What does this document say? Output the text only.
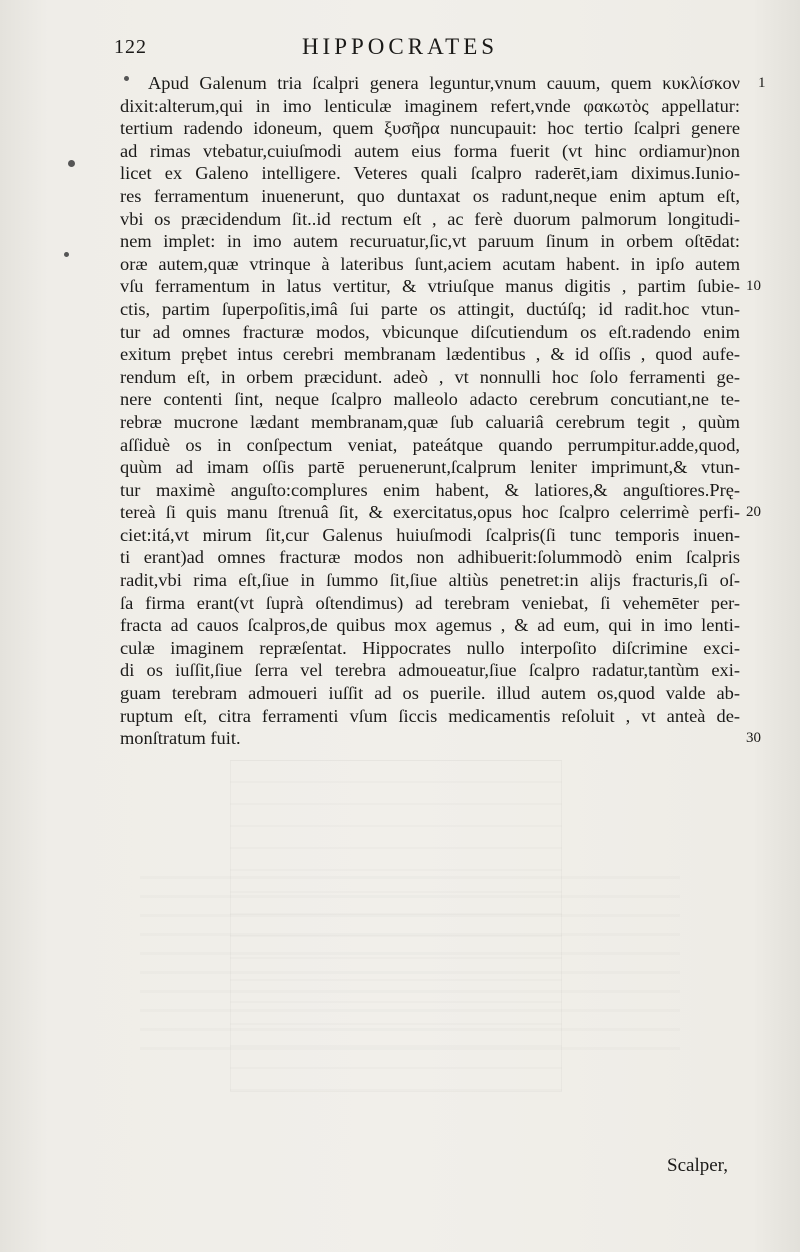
122	HIPPOCRATES
Apud Galenum tria ſcalpri genera leguntur,vnum cauum, quem κυκλίσκον
dixit:alterum,qui in imo lenticulæ imaginem refert,vnde φακωτὸς appellatur:
tertium radendo idoneum, quem ξυσῆρα nuncupauit: hoc tertio ſcalpri genere
ad rimas vtebatur,cuiuſmodi autem eius forma fuerit (vt hinc ordiamur)non
licet ex Galeno intelligere. Veteres quali ſcalpro raderēt,iam diximus.Iunio-
res ferramentum inuenerunt, quo duntaxat os radunt,neque enim aptum eſt,
vbi os præcidendum ſit..id rectum eſt , ac ferè duorum palmorum longitudi-
nem implet: in imo autem recuruatur,ſic,vt paruum ſinum in orbem oſtēdat:
oræ autem,quæ vtrinque à lateribus ſunt,aciem acutam habent. in ipſo autem
vſu ferramentum in latus vertitur, & vtriuſque manus digitis , partim ſubie-
ctis, partim ſuperpoſitis,imâ ſui parte os attingit, ductúſq; id radit.hoc vtun-
tur ad omnes fracturæ modos, vbicunque diſcutiendum os eſt.radendo enim
exitum prębet intus cerebri membranam lædentibus , & id oſſis , quod aufe-
rendum eſt, in orbem præcidunt. adeò , vt nonnulli hoc ſolo ferramenti ge-
nere contenti ſint, neque ſcalpro malleolo adacto cerebrum concutiant,ne te-
rebræ mucrone lædant membranam,quæ ſub caluariâ cerebrum tegit , quùm
aſſiduè os in conſpectum veniat, pateátque quando perrumpitur.adde,quod,
quùm ad imam oſſis partē peruenerunt,ſcalprum leniter imprimunt,& vtun-
tur maximè anguſto:complures enim habent, & latiores,& anguſtiores.Prę-
tereà ſi quis manu ſtrenuâ ſit, & exercitatus,opus hoc ſcalpro celerrimè perfi-
ciet:itá,vt mirum ſit,cur Galenus huiuſmodi ſcalpris(ſi tunc temporis inuen-
ti erant)ad omnes fracturæ modos non adhibuerit:ſolummodò enim ſcalpris
radit,vbi rima eſt,ſiue in ſummo ſit,ſiue altiùs penetret:in alijs fracturis,ſi oſ-
ſa firma erant(vt ſuprà oſtendimus) ad terebram veniebat, ſi vehemēter per-
fracta ad cauos ſcalpros,de quibus mox agemus , & ad eum, qui in imo lenti-
culæ imaginem repræſentat. Hippocrates nullo interpoſito diſcrimine exci-
di os iuſſit,ſiue ſerra vel terebra admoueatur,ſiue ſcalpro radatur,tantùm exi-
guam terebram admoueri iuſſit ad os puerile. illud autem os,quod valde ab-
ruptum eſt, citra ferramenti vſum ſiccis medicamentis reſoluit , vt anteà de-
monſtratum fuit.
1
10
20
30
Scalper,
